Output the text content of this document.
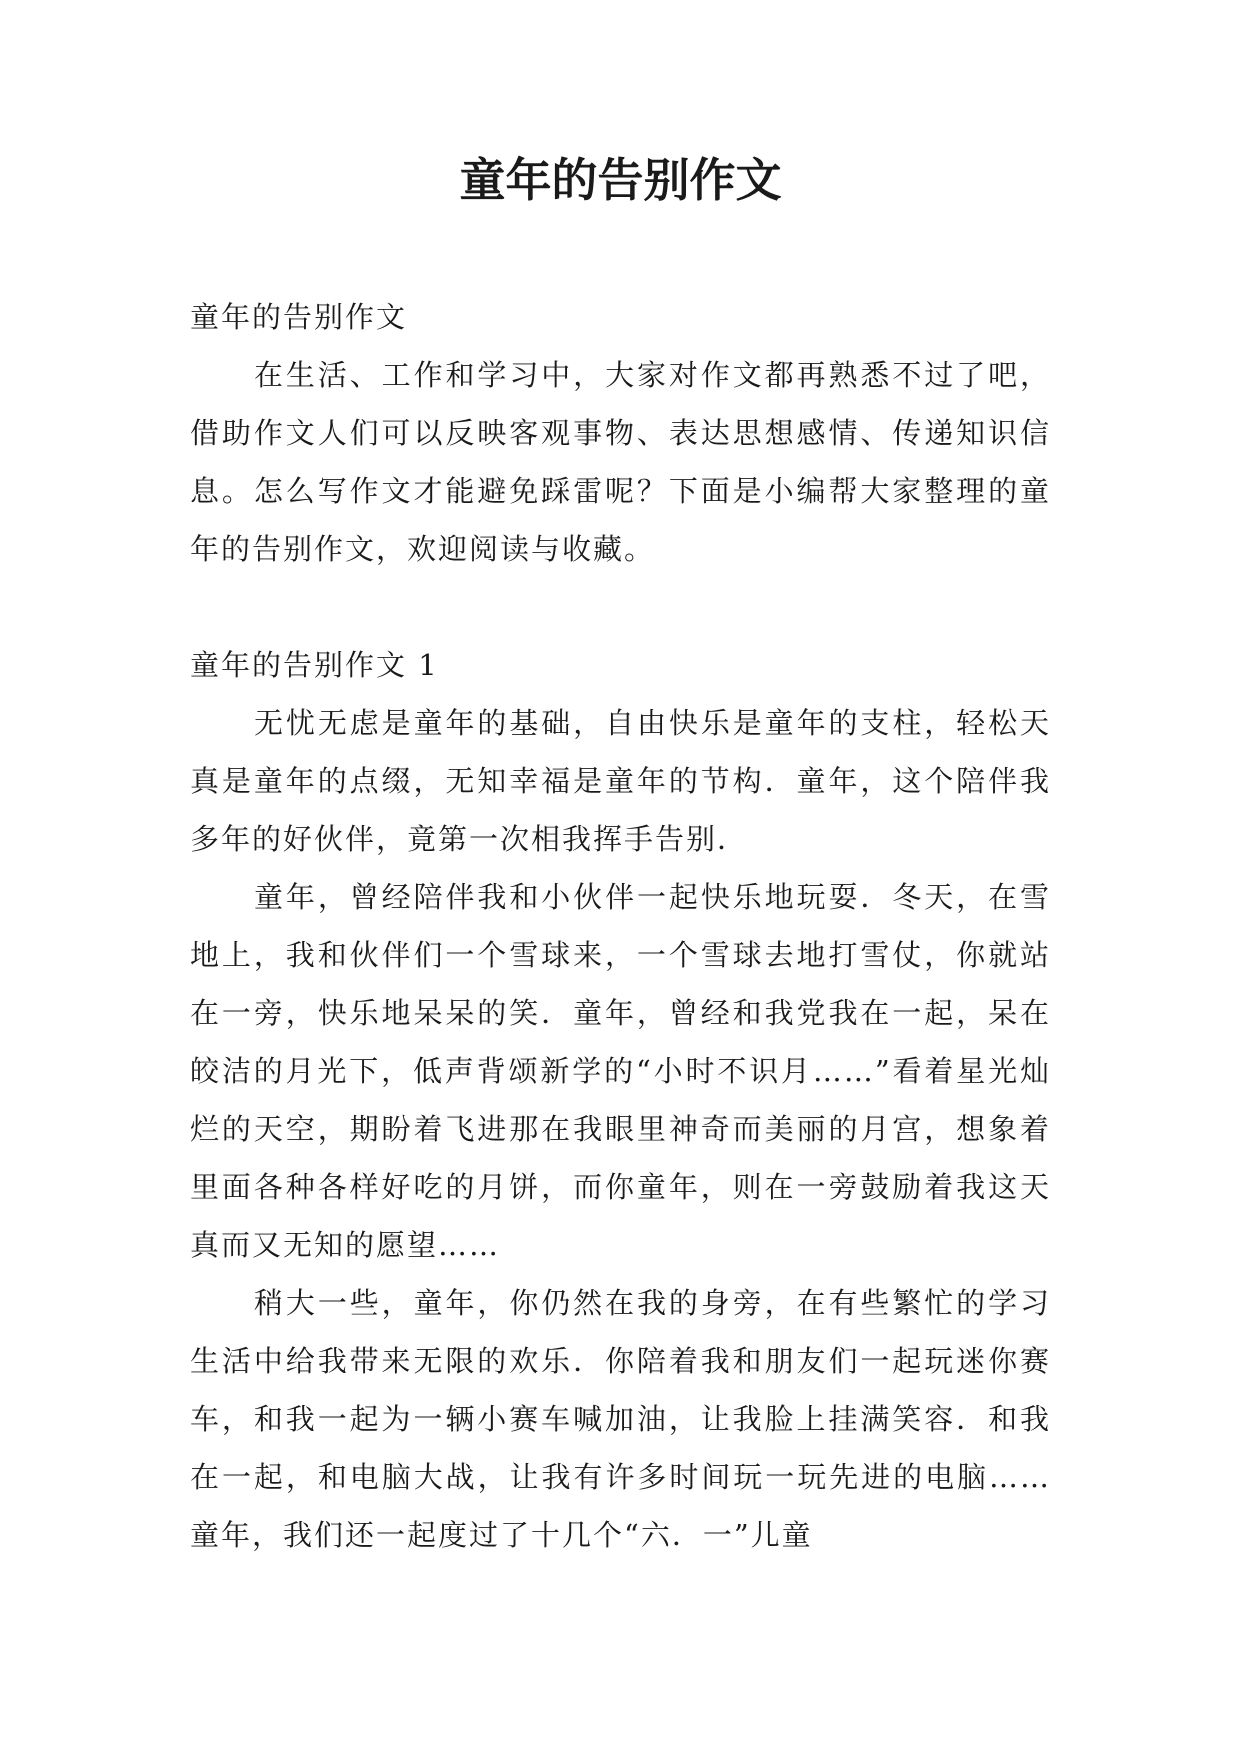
童年的告别作文

童年的告别作文

在生活、工作和学习中，大家对作文都再熟悉不过了吧，借助作文人们可以反映客观事物、表达思想感情、传递知识信息。怎么写作文才能避免踩雷呢？下面是小编帮大家整理的童年的告别作文，欢迎阅读与收藏。

童年的告别作文 1

无忧无虑是童年的基础，自由快乐是童年的支柱，轻松天真是童年的点缀，无知幸福是童年的节构．童年，这个陪伴我多年的好伙伴，竟第一次相我挥手告别．

童年，曾经陪伴我和小伙伴一起快乐地玩耍．冬天，在雪地上，我和伙伴们一个雪球来，一个雪球去地打雪仗，你就站在一旁，快乐地呆呆的笑．童年，曾经和我党我在一起，呆在皎洁的月光下，低声背颂新学的“小时不识月……”看着星光灿烂的天空，期盼着飞进那在我眼里神奇而美丽的月宫，想象着里面各种各样好吃的月饼，而你童年，则在一旁鼓励着我这天真而又无知的愿望……

稍大一些，童年，你仍然在我的身旁，在有些繁忙的学习生活中给我带来无限的欢乐．你陪着我和朋友们一起玩迷你赛车，和我一起为一辆小赛车喊加油，让我脸上挂满笑容．和我在一起，和电脑大战，让我有许多时间玩一玩先进的电脑……童年，我们还一起度过了十几个“六．一”儿童
